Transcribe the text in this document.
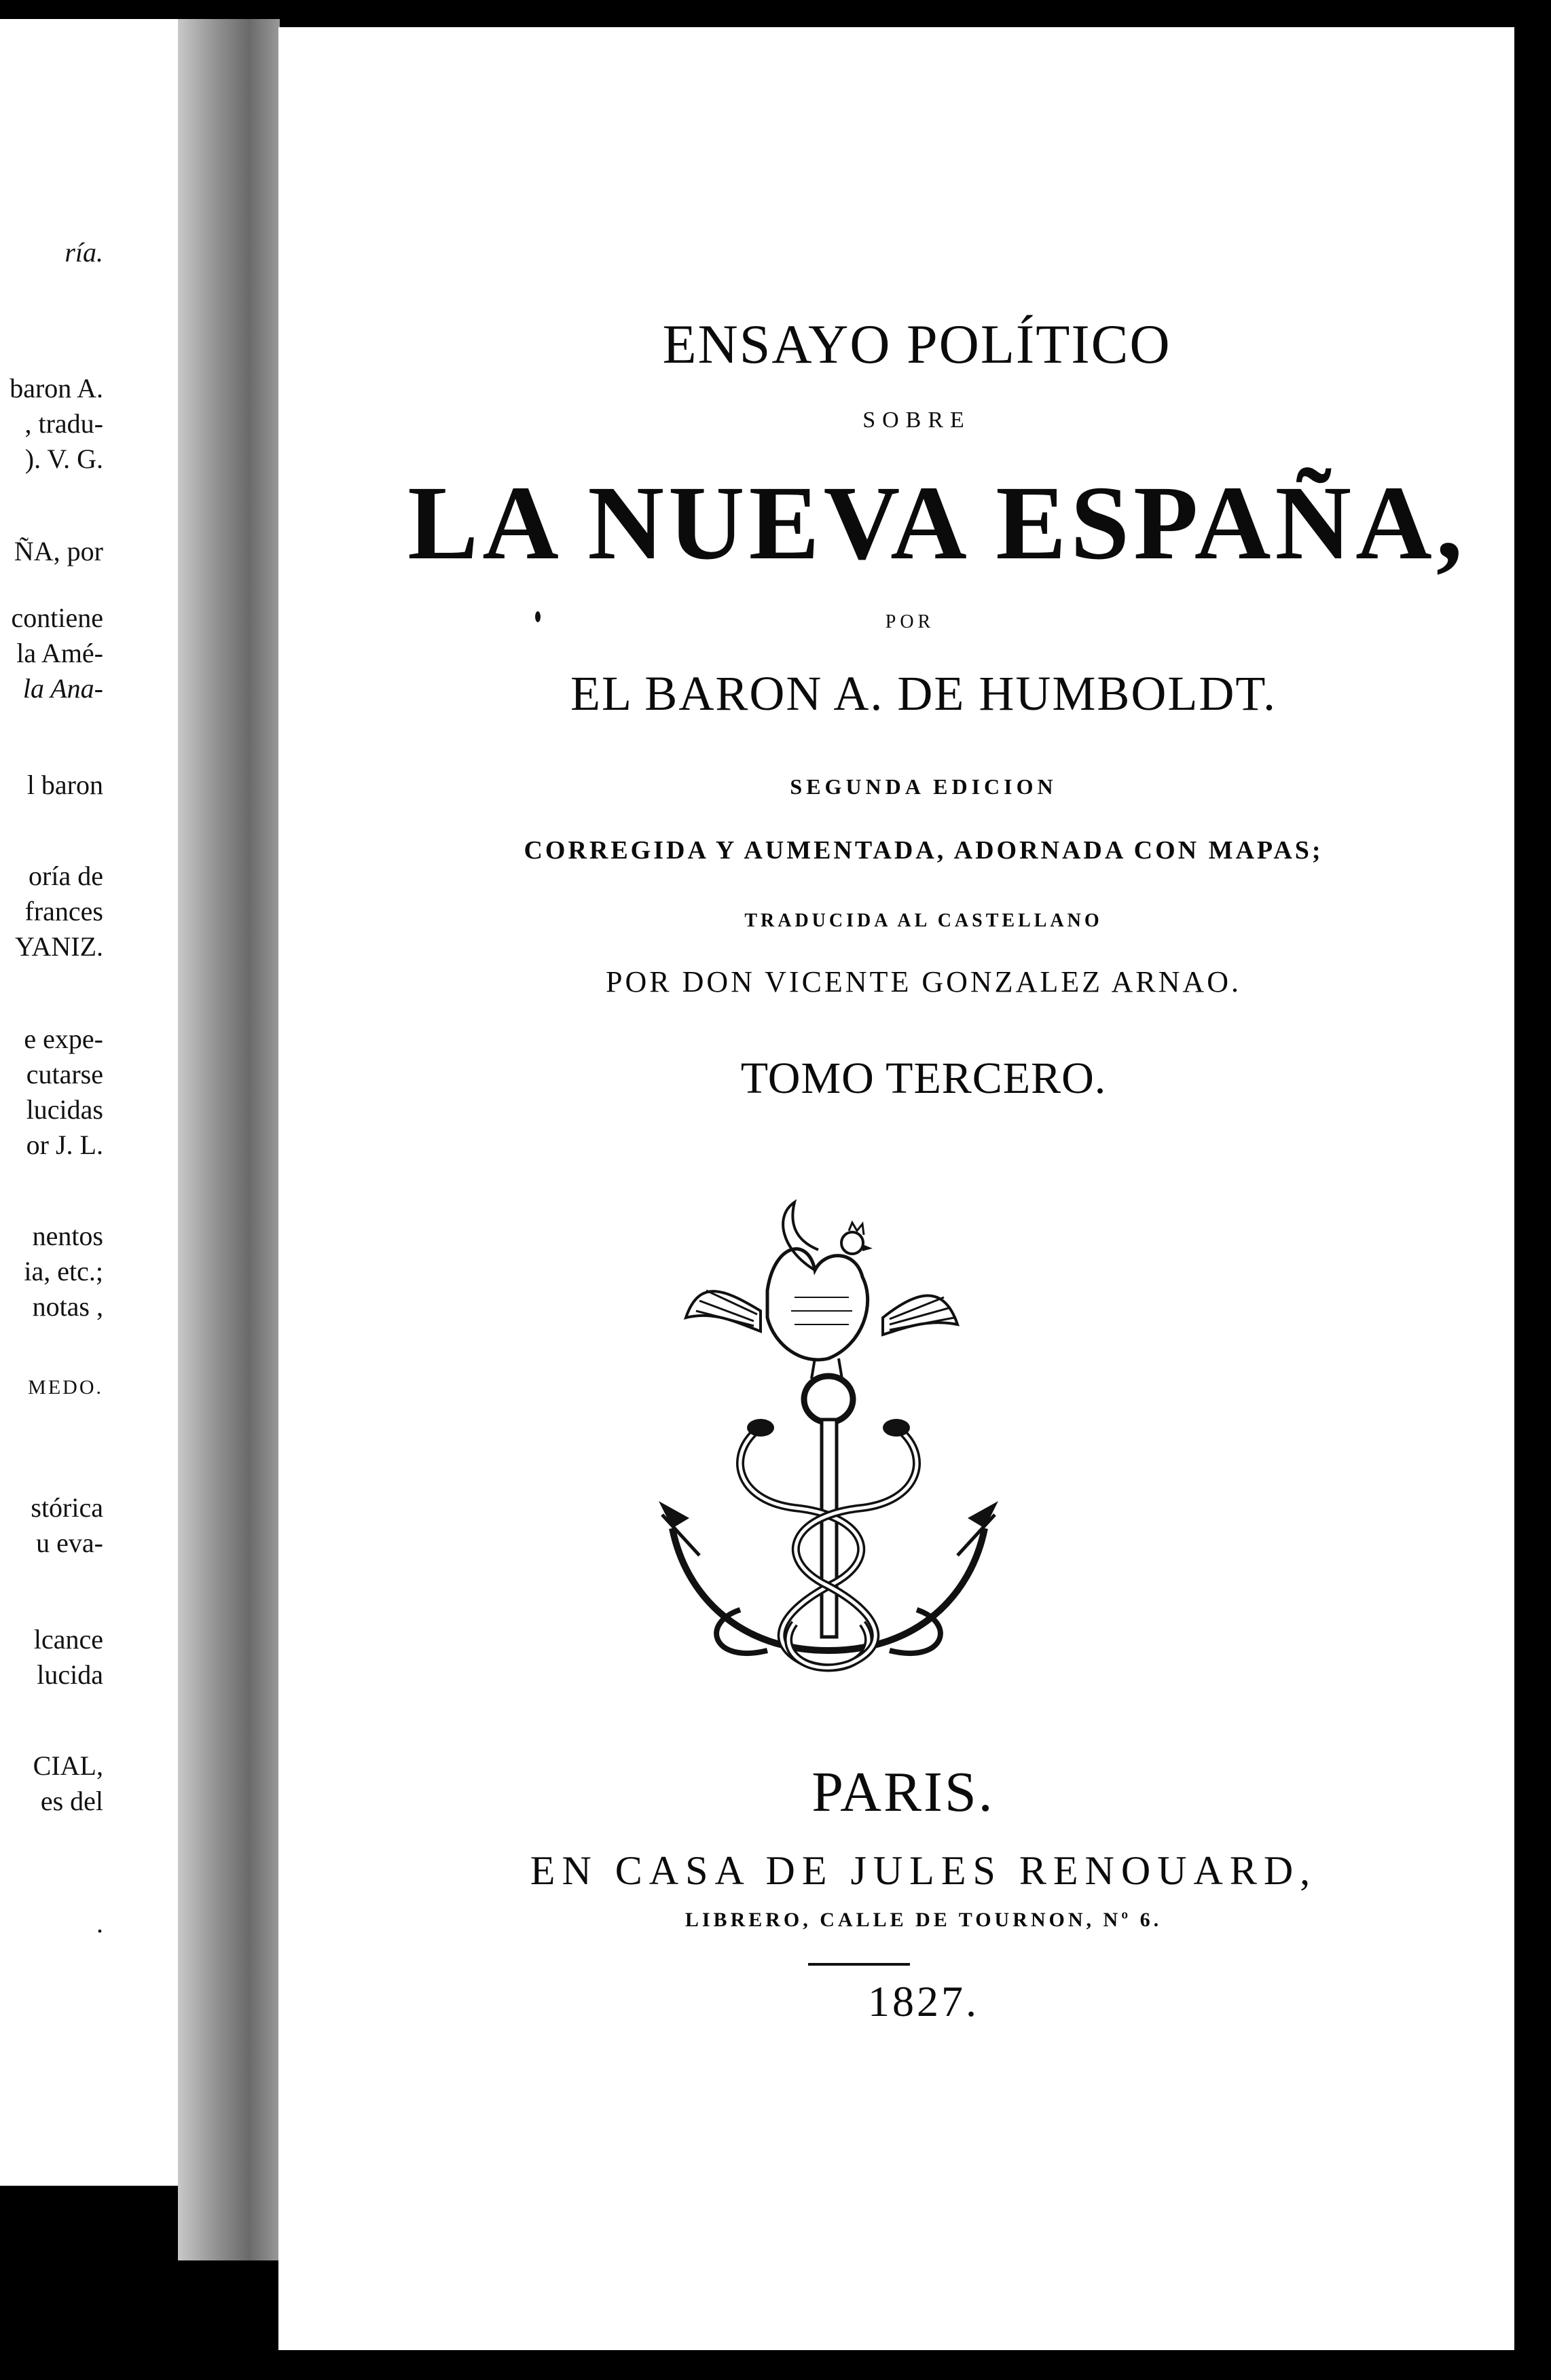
ría.
baron A.
, tradu-
). V. G.
ÑA, por
contiene
la Amé-
la Ana-
l baron
oría de
frances
YANIZ.
e expe-
cutarse
lucidas
or J. L.
nentos
ia, etc.;
notas ,
MEDO.
stórica
u eva-
lcance
lucida
CIAL,
es del
.
ENSAYO POLÍTICO
SOBRE
LA NUEVA ESPAÑA,
POR
EL BARON A. DE HUMBOLDT.
SEGUNDA EDICION
CORREGIDA Y AUMENTADA, ADORNADA CON MAPAS;
TRADUCIDA AL CASTELLANO
POR DON VICENTE GONZALEZ ARNAO.
TOMO TERCERO.
PARIS.
EN CASA DE JULES RENOUARD,
LIBRERO, CALLE DE TOURNON, Nº 6.
1827.
